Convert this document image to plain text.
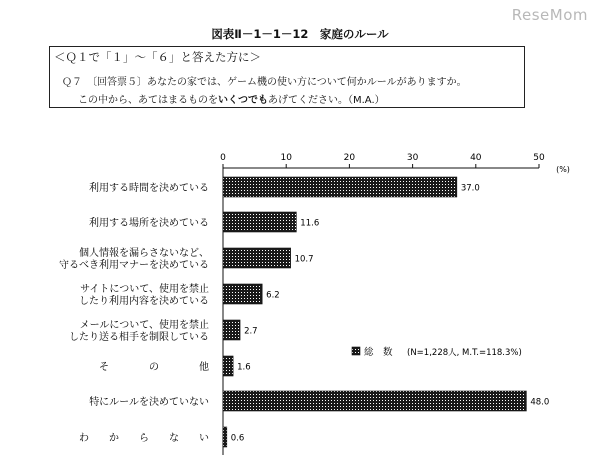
ReseMom
図表Ⅱ－1－1－12　家庭のルール
＜Ｑ１で「１」～「６」と答えた方に＞
Ｑ７　〔回答票５〕あなたの家では、ゲーム機の使い方について何かルールがありますか。
この中から、あてはまるものをいくつでもあげてください。（M.A.）
0	10	20	30	40	50
(%)
37.0
利用する時間を決めている
11.6
利用する場所を決めている
10.7
個人情報を漏らさないなど、
守るべき利用マナーを決めている
6.2
サイトについて、使用を禁止
したり利用内容を決めている
2.7
メールについて、使用を禁止
したり送る相手を制限している
1.6
そ　　　　の　　　　他
48.0
特にルールを決めていない
0.6
わ　　か　　ら　　な　　い
総　数 (N=1,228人, M.T.=118.3%)
